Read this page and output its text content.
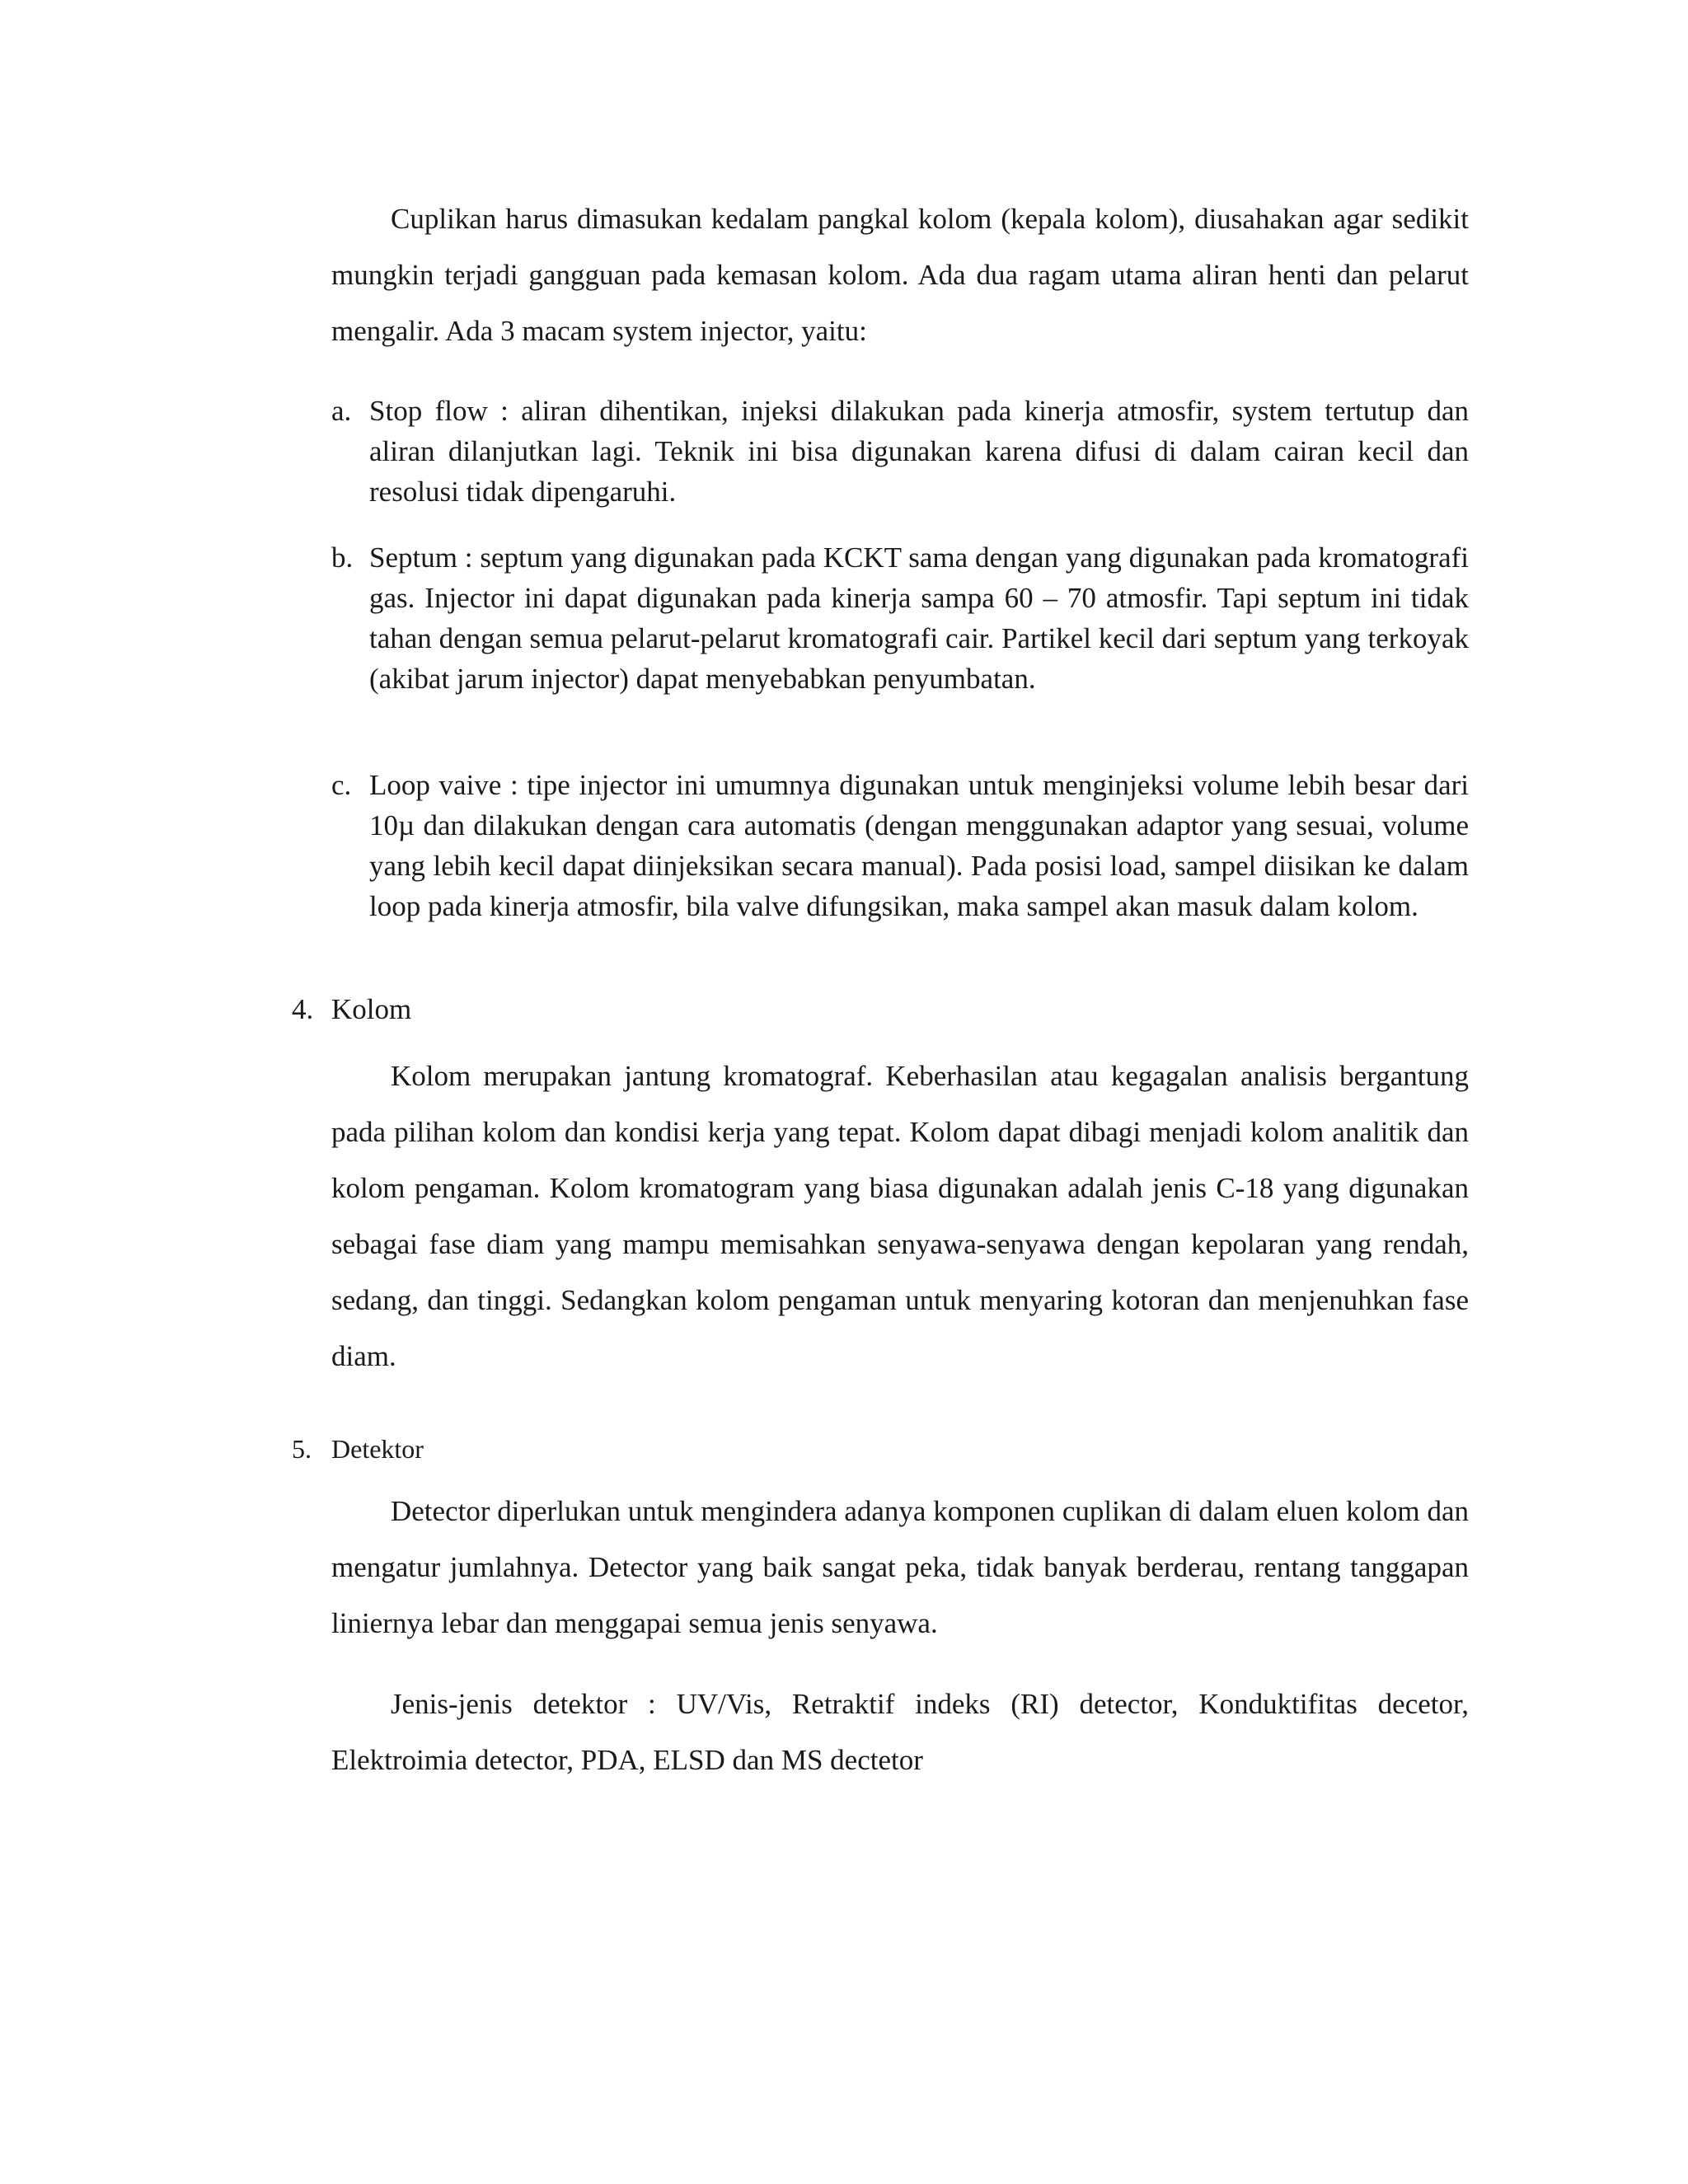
Cuplikan harus dimasukan kedalam pangkal kolom (kepala kolom), diusahakan agar sedikit mungkin terjadi gangguan pada kemasan kolom. Ada dua ragam utama aliran henti dan pelarut mengalir. Ada 3 macam system injector, yaitu:

a. Stop flow : aliran dihentikan, injeksi dilakukan pada kinerja atmosfir, system tertutup dan aliran dilanjutkan lagi. Teknik ini bisa digunakan karena difusi di dalam cairan kecil dan resolusi tidak dipengaruhi.

b. Septum : septum yang digunakan pada KCKT sama dengan yang digunakan pada kromatografi gas. Injector ini dapat digunakan pada kinerja sampa 60 – 70 atmosfir. Tapi septum ini tidak tahan dengan semua pelarut-pelarut kromatografi cair. Partikel kecil dari septum yang terkoyak (akibat jarum injector) dapat menyebabkan penyumbatan.

c. Loop vaive : tipe injector ini umumnya digunakan untuk menginjeksi volume lebih besar dari 10µ dan dilakukan dengan cara automatis (dengan menggunakan adaptor yang sesuai, volume yang lebih kecil dapat diinjeksikan secara manual). Pada posisi load, sampel diisikan ke dalam loop pada kinerja atmosfir, bila valve difungsikan, maka sampel akan masuk dalam kolom.

4. Kolom

Kolom merupakan jantung kromatograf. Keberhasilan atau kegagalan analisis bergantung pada pilihan kolom dan kondisi kerja yang tepat. Kolom dapat dibagi menjadi kolom analitik dan kolom pengaman. Kolom kromatogram yang biasa digunakan adalah jenis C-18 yang digunakan sebagai fase diam yang mampu memisahkan senyawa-senyawa dengan kepolaran yang rendah, sedang, dan tinggi. Sedangkan kolom pengaman untuk menyaring kotoran dan menjenuhkan fase diam.

5. Detektor

Detector diperlukan untuk mengindera adanya komponen cuplikan di dalam eluen kolom dan mengatur jumlahnya. Detector yang baik sangat peka, tidak banyak berderau, rentang tanggapan liniernya lebar dan menggapai semua jenis senyawa.

Jenis-jenis detektor : UV/Vis, Retraktif indeks (RI) detector, Konduktifitas decetor, Elektroimia detector, PDA, ELSD dan MS dectetor
